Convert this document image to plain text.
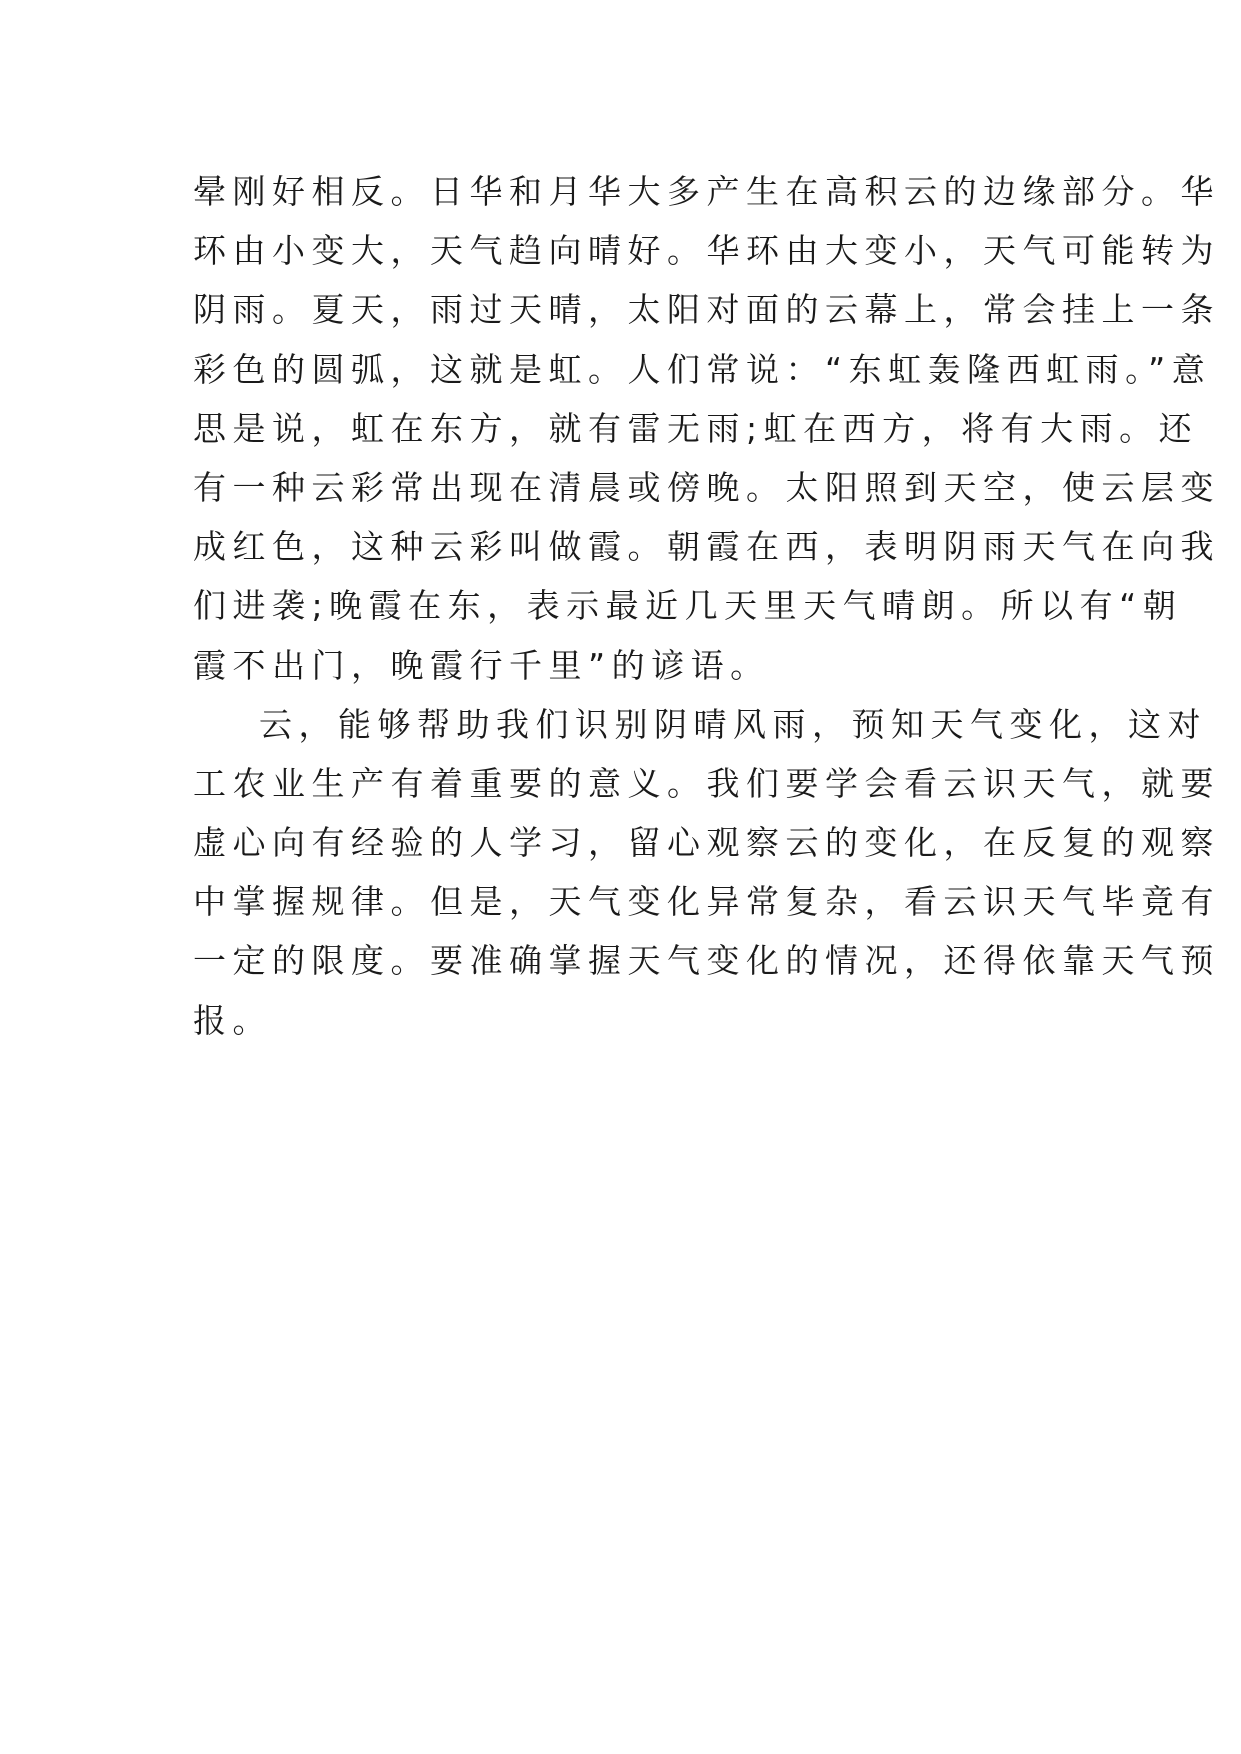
晕刚好相反。日华和月华大多产生在高积云的边缘部分。华
环由小变大，天气趋向晴好。华环由大变小，天气可能转为
阴雨。夏天，雨过天晴，太阳对面的云幕上，常会挂上一条
彩色的圆弧，这就是虹。人们常说：“东虹轰隆西虹雨。”意
思是说，虹在东方，就有雷无雨;虹在西方，将有大雨。还
有一种云彩常出现在清晨或傍晚。太阳照到天空，使云层变
成红色，这种云彩叫做霞。朝霞在西，表明阴雨天气在向我
们进袭;晚霞在东，表示最近几天里天气晴朗。所以有“朝
霞不出门，晚霞行千里”的谚语。
云，能够帮助我们识别阴晴风雨，预知天气变化，这对
工农业生产有着重要的意义。我们要学会看云识天气，就要
虚心向有经验的人学习，留心观察云的变化，在反复的观察
中掌握规律。但是，天气变化异常复杂，看云识天气毕竟有
一定的限度。要准确掌握天气变化的情况，还得依靠天气预
报。
